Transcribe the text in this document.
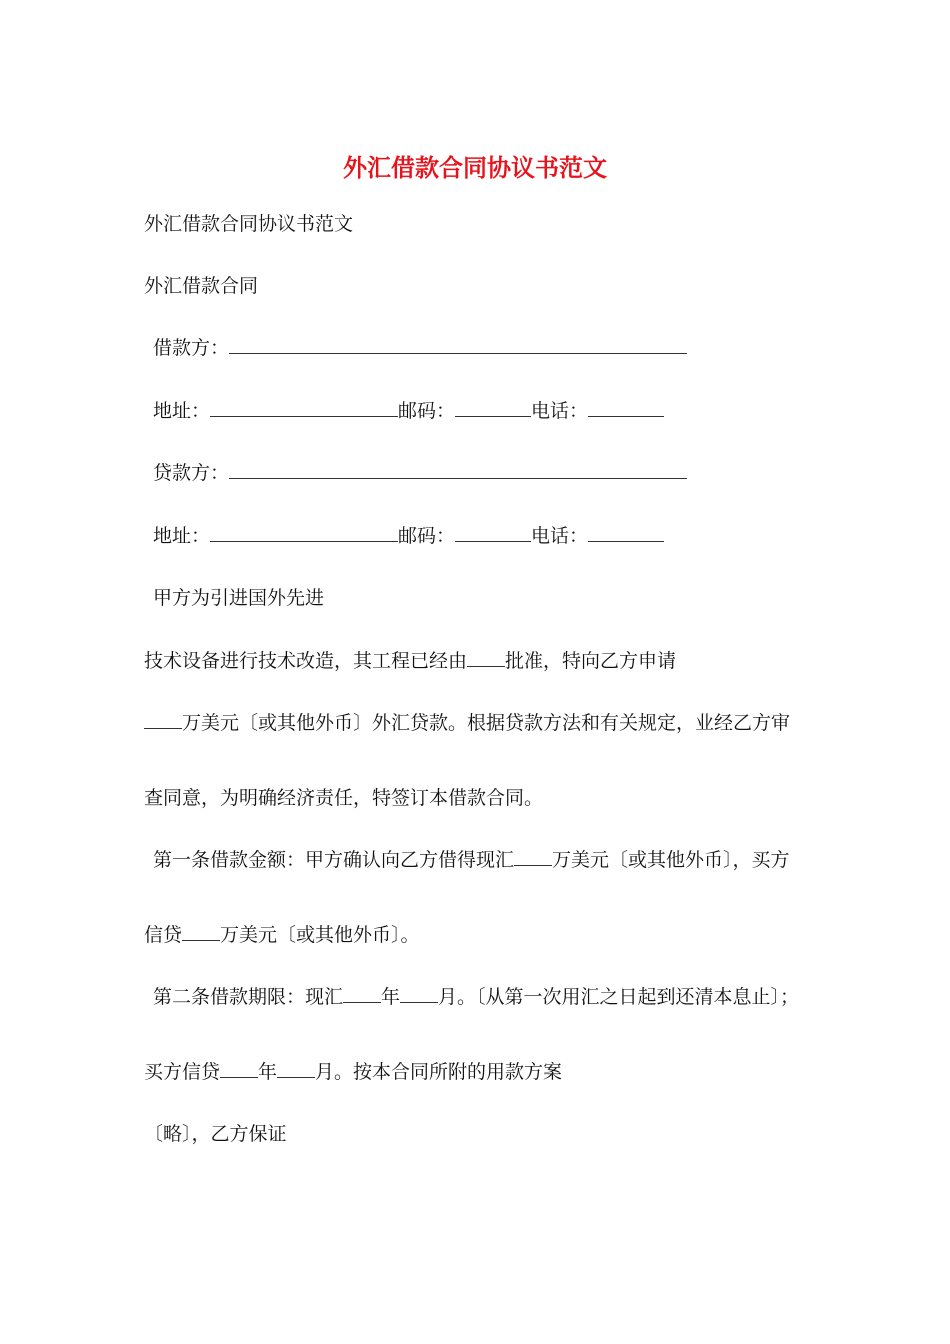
外汇借款合同协议书范文
外汇借款合同协议书范文
外汇借款合同
借款方：
地址：	邮码：	电话：
贷款方：
地址：	邮码：	电话：
甲方为引进国外先进
技术设备进行技术改造，其工程已经由 批准，特向乙方申请
万美元〔或其他外币〕外汇贷款。根据贷款方法和有关规定，业经乙方审
查同意，为明确经济责任，特签订本借款合同。
第一条借款金额：甲方确认向乙方借得现汇 万美元〔或其他外币〕，买方
信贷 万美元〔或其他外币〕。
第二条借款期限：现汇 年 月。〔从第一次用汇之日起到还清本息止〕；
买方信贷 年 月。按本合同所附的用款方案
〔略〕，乙方保证
